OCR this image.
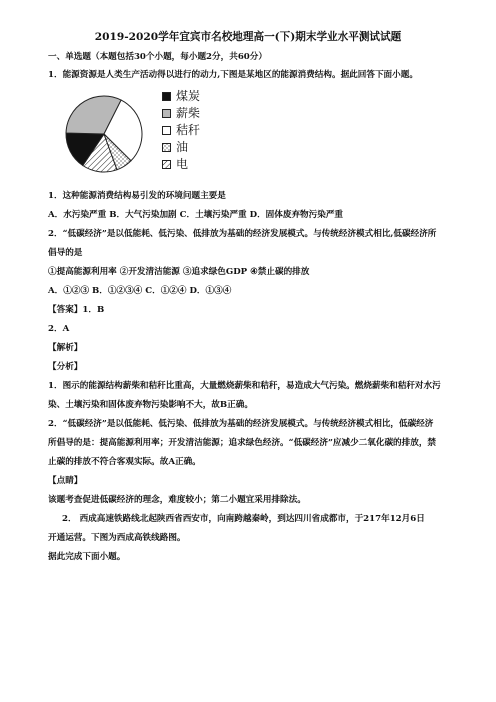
2019-2020学年宜宾市名校地理高一(下)期末学业水平测试试题
一、单选题（本题包括30个小题，每小题2分，共60分）
1．能源资源是人类生产活动得以进行的动力,下图是某地区的能源消费结构。据此回答下面小题。
煤炭
薪柴
秸秆
油
电
1．这种能源消费结构易引发的环境问题主要是
A．水污染严重 B．大气污染加剧 C．土壤污染严重 D．固体废弃物污染严重
2．“低碳经济”是以低能耗、低污染、低排放为基础的经济发展模式。与传统经济模式相比,低碳经济所
倡导的是
①提高能源利用率 ②开发清洁能源 ③追求绿色GDP ④禁止碳的排放
A．①②③ B．①②③④ C．①②④ D．①③④
【答案】1．B
2．A
【解析】
【分析】
1．图示的能源结构薪柴和秸秆比重高，大量燃烧薪柴和秸秆，易造成大气污染。燃烧薪柴和秸秆对水污
染、土壤污染和固体废弃物污染影响不大，故B正确。
2．“低碳经济”是以低能耗、低污染、低排放为基础的经济发展模式。与传统经济模式相比，低碳经济
所倡导的是：提高能源利用率；开发清洁能源；追求绿色经济。“低碳经济”应减少二氧化碳的排放，禁
止碳的排放不符合客观实际。故A正确。
【点睛】
该题考查促进低碳经济的理念，难度较小；第二小题宜采用排除法。
2． 西成高速铁路线北起陕西省西安市，向南跨越秦岭，到达四川省成都市，于217年12月6日
开通运营。下图为西成高铁线路图。
据此完成下面小题。
